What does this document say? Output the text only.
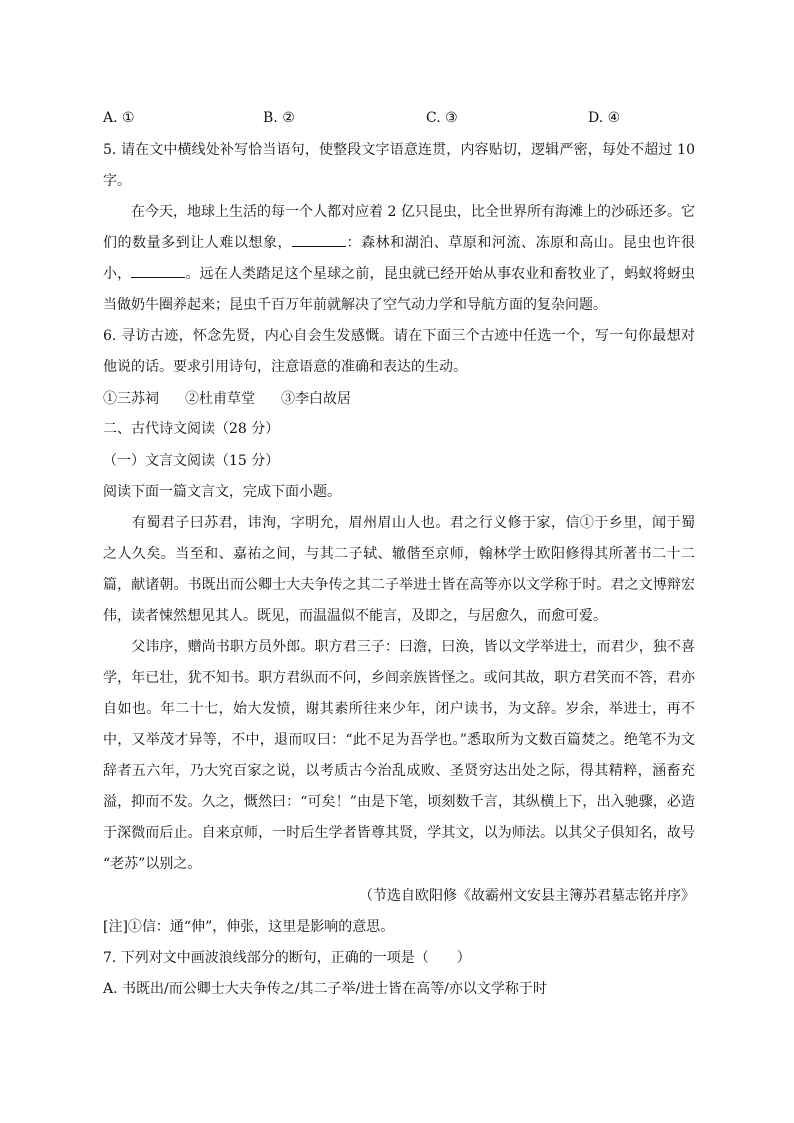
A. ①	B. ②	C. ③	D. ④
5. 请在文中横线处补写恰当语句，使整段文字语意连贯，内容贴切，逻辑严密，每处不超过 10
字。
　　在今天，地球上生活的每一个人都对应着 2 亿只昆虫，比全世界所有海滩上的沙砾还多。它
们的数量多到让人难以想象，	：森林和湖泊、草原和河流、冻原和高山。昆虫也许很
小，	。远在人类踏足这个星球之前，昆虫就已经开始从事农业和畜牧业了，蚂蚁将蚜虫
当做奶牛圈养起来；昆虫千百万年前就解决了空气动力学和导航方面的复杂问题。
6. 寻访古迹，怀念先贤，内心自会生发感慨。请在下面三个古迹中任选一个，写一句你最想对
他说的话。要求引用诗句，注意语意的准确和表达的生动。
①三苏祠 ②杜甫草堂 ③李白故居
二、古代诗文阅读（28 分）
（一）文言文阅读（15 分）
阅读下面一篇文言文，完成下面小题。
　　有蜀君子曰苏君，讳洵，字明允，眉州眉山人也。君之行义修于家，信①于乡里，闻于蜀
之人久矣。当至和、嘉祐之间，与其二子轼、辙偕至京师，翰林学士欧阳修得其所著书二十二
篇，献诸朝。书既出而公卿士大夫争传之其二子举进士皆在高等亦以文学称于时。君之文博辩宏
伟，读者悚然想见其人。既见，而温温似不能言，及即之，与居愈久，而愈可爱。
　　父讳序，赠尚书职方员外郎。职方君三子：曰澹，曰涣，皆以文学举进士，而君少，独不喜
学，年已壮，犹不知书。职方君纵而不问，乡闾亲族皆怪之。或问其故，职方君笑而不答，君亦
自如也。年二十七，始大发愤，谢其素所往来少年，闭户读书，为文辞。岁余，举进士，再不
中，又举茂才异等，不中，退而叹曰：“此不足为吾学也。”悉取所为文数百篇焚之。绝笔不为文
辞者五六年，乃大究百家之说，以考质古今治乱成败、圣贤穷达出处之际，得其精粹，涵畜充
溢，抑而不发。久之，慨然曰：“可矣！”由是下笔，顷刻数千言，其纵横上下，出入驰骤，必造
于深微而后止。自来京师，一时后生学者皆尊其贤，学其文，以为师法。以其父子俱知名，故号
“老苏”以别之。
（节选自欧阳修《故霸州文安县主簿苏君墓志铭并序》
[注]①信：通“伸”，伸张，这里是影响的意思。
7. 下列对文中画波浪线部分的断句，正确的一项是（　　）
A. 书既出/而公卿士大夫争传之/其二子举/进士皆在高等/亦以文学称于时
